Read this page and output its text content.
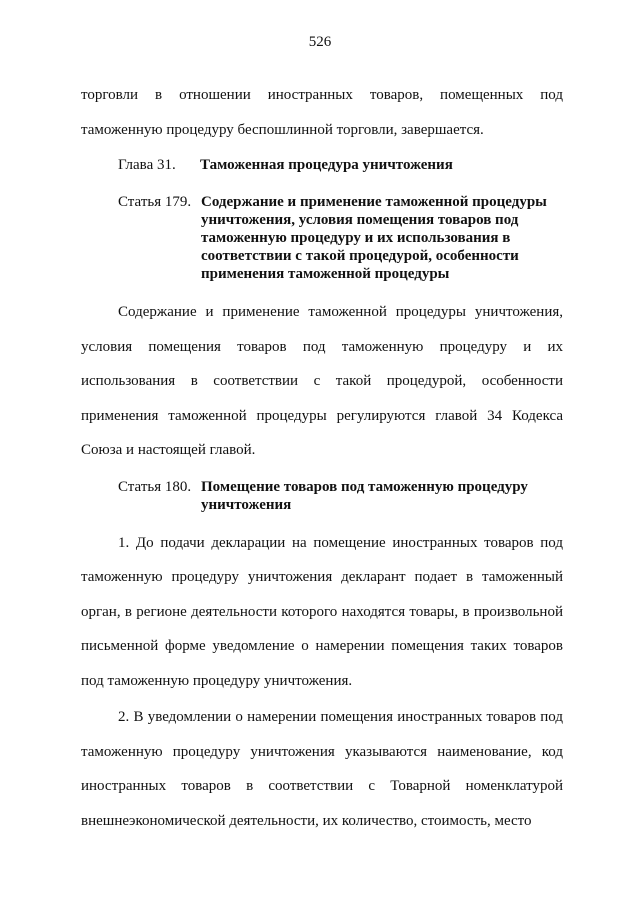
526

торговли в отношении иностранных товаров, помещенных под таможенную процедуру беспошлинной торговли, завершается.

Глава 31.	Таможенная процедура уничтожения
Статья 179. Содержание и применение таможенной процедуры уничтожения, условия помещения товаров под таможенную процедуру и их использования в соответствии с такой процедурой, особенности применения таможенной процедуры

Содержание и применение таможенной процедуры уничтожения, условия помещения товаров под таможенную процедуру и их использования в соответствии с такой процедурой, особенности применения таможенной процедуры регулируются главой 34 Кодекса Союза и настоящей главой.

Статья 180. Помещение товаров под таможенную процедуру уничтожения

1. До подачи декларации на помещение иностранных товаров под таможенную процедуру уничтожения декларант подает в таможенный орган, в регионе деятельности которого находятся товары, в произвольной письменной форме уведомление о намерении помещения таких товаров под таможенную процедуру уничтожения.

2. В уведомлении о намерении помещения иностранных товаров под таможенную процедуру уничтожения указываются наименование, код иностранных товаров в соответствии с Товарной номенклатурой внешнеэкономической деятельности, их количество, стоимость, место
